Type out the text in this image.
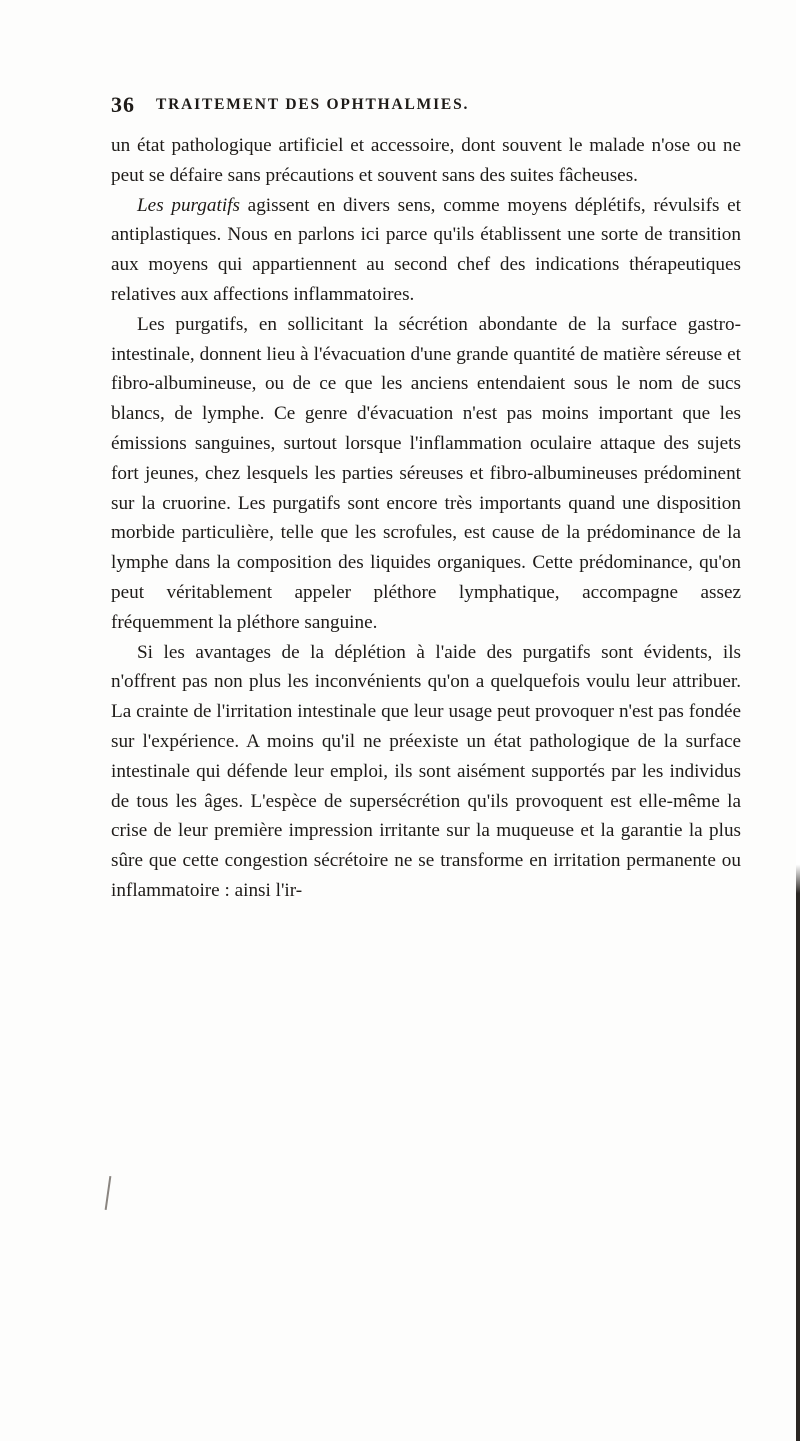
36 TRAITEMENT DES OPHTHALMIES.

un état pathologique artificiel et accessoire, dont souvent le malade n'ose ou ne peut se défaire sans précautions et souvent sans des suites fâcheuses.

Les purgatifs agissent en divers sens, comme moyens déplétifs, révulsifs et antiplastiques. Nous en parlons ici parce qu'ils établissent une sorte de transition aux moyens qui appartiennent au second chef des indications thérapeutiques relatives aux affections inflammatoires.

Les purgatifs, en sollicitant la sécrétion abondante de la surface gastro-intestinale, donnent lieu à l'évacuation d'une grande quantité de matière séreuse et fibro-albumineuse, ou de ce que les anciens entendaient sous le nom de sucs blancs, de lymphe. Ce genre d'évacuation n'est pas moins important que les émissions sanguines, surtout lorsque l'inflammation oculaire attaque des sujets fort jeunes, chez lesquels les parties séreuses et fibro-albumineuses prédominent sur la cruorine. Les purgatifs sont encore très importants quand une disposition morbide particulière, telle que les scrofules, est cause de la prédominance de la lymphe dans la composition des liquides organiques. Cette prédominance, qu'on peut véritablement appeler pléthore lymphatique, accompagne assez fréquemment la pléthore sanguine.

Si les avantages de la déplétion à l'aide des purgatifs sont évidents, ils n'offrent pas non plus les inconvénients qu'on a quelquefois voulu leur attribuer. La crainte de l'irritation intestinale que leur usage peut provoquer n'est pas fondée sur l'expérience. A moins qu'il ne préexiste un état pathologique de la surface intestinale qui défende leur emploi, ils sont aisément supportés par les individus de tous les âges. L'espèce de supersécrétion qu'ils provoquent est elle-même la crise de leur première impression irritante sur la muqueuse et la garantie la plus sûre que cette congestion sécrétoire ne se transforme en irritation permanente ou inflammatoire : ainsi l'ir-
